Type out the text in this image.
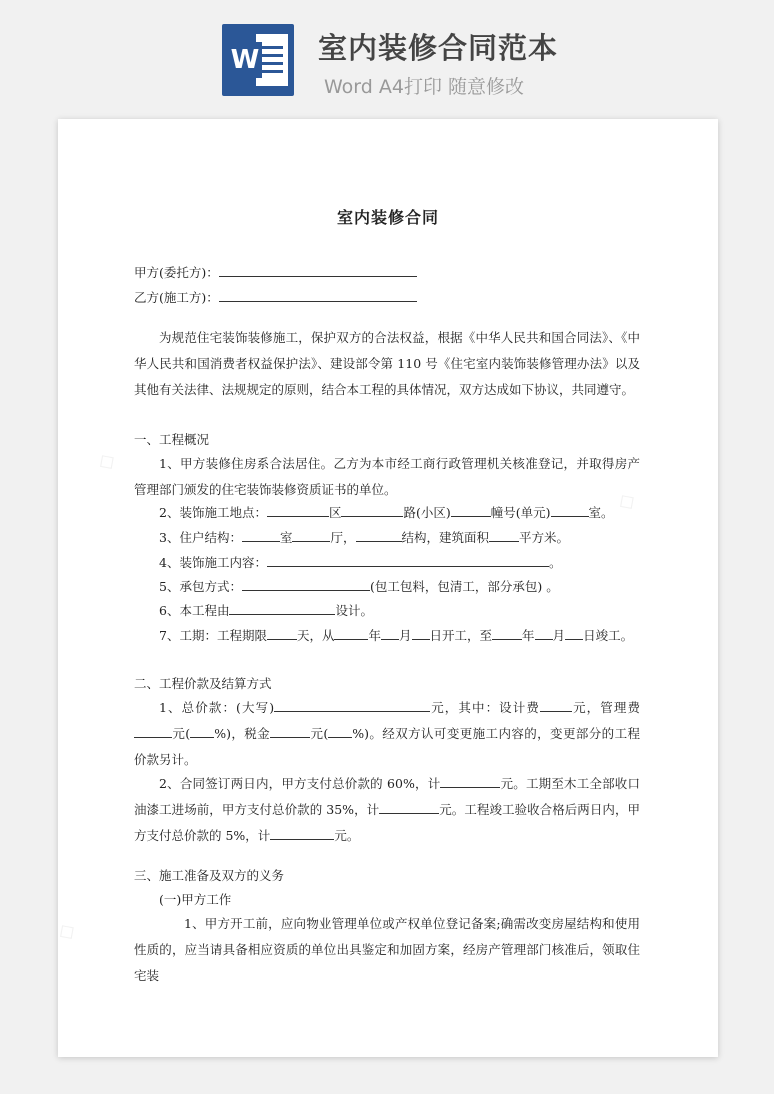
W 室内装修合同范本
Word A4打印 随意修改
室内装修合同
甲方(委托方)：
乙方(施工方)：
为规范住宅装饰装修施工，保护双方的合法权益，根据《中华人民共和国合同法》、《中华人民共和国消费者权益保护法》、建设部令第 110 号《住宅室内装饰装修管理办法》以及其他有关法律、法规规定的原则，结合本工程的具体情况，双方达成如下协议，共同遵守。
一、工程概况
1、甲方装修住房系合法居住。乙方为本市经工商行政管理机关核准登记，并取得房产管理部门颁发的住宅装饰装修资质证书的单位。
2、装饰施工地点：	区	路(小区)	幢号(单元)	室。
3、住户结构：	室	厅，	结构，建筑面积 平方米。
4、装饰施工内容：	。
5、承包方式：	(包工包料，包清工，部分承包) 。
6、本工程由	设计。
7、工期：工程期限 天，从	年 月 日开工，至 年 月 日竣工。
二、工程价款及结算方式
1、总价款：(大写)	元，其中：设计费	元，管理费元( %)，税金	元( %)。经双方认可变更施工内容的，变更部分的工程价款另计。
2、合同签订两日内，甲方支付总价款的 60%，计	元。工期至木工全部收口油漆工进场前，甲方支付总价款的 35%，计	元。工程竣工验收合格后两日内，甲方支付总价款的 5%，计	元。
三、施工准备及双方的义务
(一)甲方工作
1、甲方开工前，应向物业管理单位或产权单位登记备案;确需改变房屋结构和使用性质的，应当请具备相应资质的单位出具鉴定和加固方案，经房产管理部门核准后，领取住宅装
◇
◇
◇
